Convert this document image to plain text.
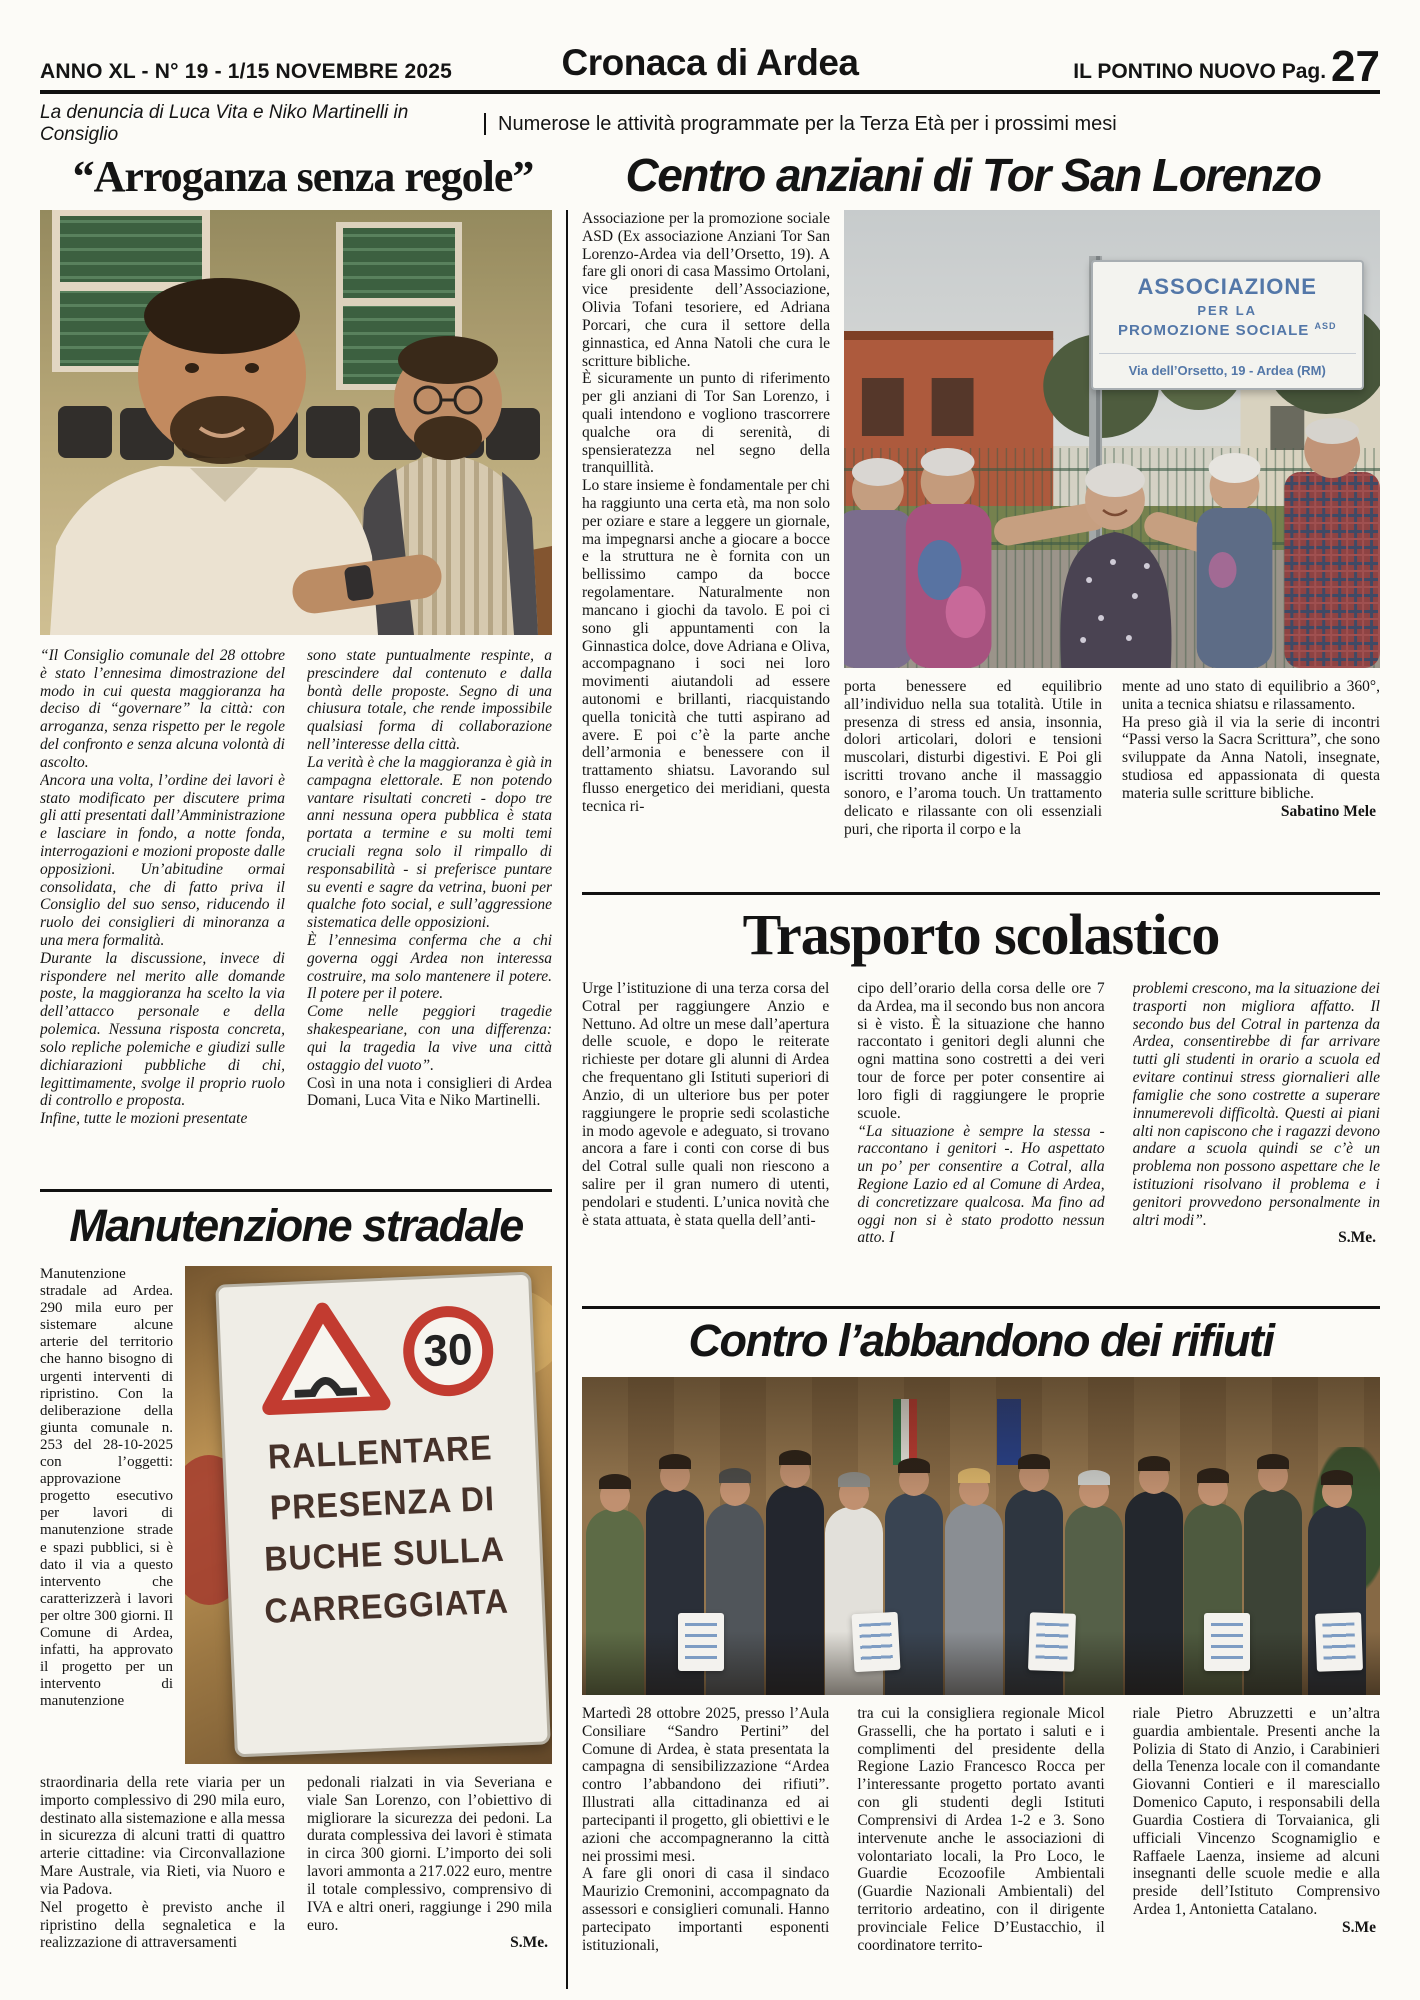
ANNO XL - N° 19 - 1/15 NOVEMBRE 2025	Cronaca di Ardea	IL PONTINO NUOVO Pag. 27
La denuncia di Luca Vita e Niko Martinelli in Consiglio	Numerose le attività programmate per la Terza Età per i prossimi mesi
“Arroganza senza regole”	Centro anziani di Tor San Lorenzo

“Il Consiglio comunale del 28 ottobre è stato l’ennesima dimostrazione del modo in cui questa maggioranza ha deciso di “governare” la città: con arroganza, senza rispetto per le regole del confronto e senza alcuna volontà di ascolto.

Ancora una volta, l’ordine dei lavori è stato modificato per discutere prima gli atti presentati dall’Amministrazione e lasciare in fondo, a notte fonda, interrogazioni e mozioni proposte dalle opposizioni. Un’abitudine ormai consolidata, che di fatto priva il Consiglio del suo senso, riducendo il ruolo dei consiglieri di minoranza a una mera formalità.

Durante la discussione, invece di rispondere nel merito alle domande poste, la maggioranza ha scelto la via dell’attacco personale e della polemica. Nessuna risposta concreta, solo repliche polemiche e giudizi sulle dichiarazioni pubbliche di chi, legittimamente, svolge il proprio ruolo di controllo e proposta.

Infine, tutte le mozioni presentate

sono state puntualmente respinte, a prescindere dal contenuto e dalla bontà delle proposte. Segno di una chiusura totale, che rende impossibile qualsiasi forma di collaborazione nell’interesse della città.

La verità è che la maggioranza è già in campagna elettorale. E non potendo vantare risultati concreti - dopo tre anni nessuna opera pubblica è stata portata a termine e su molti temi cruciali regna solo il rimpallo di responsabilità - si preferisce puntare su eventi e sagre da vetrina, buoni per qualche foto social, e sull’aggressione sistematica delle opposizioni.

È l’ennesima conferma che a chi governa oggi Ardea non interessa costruire, ma solo mantenere il potere. Il potere per il potere.

Come nelle peggiori tragedie shakespeariane, con una differenza: qui la tragedia la vive una città ostaggio del vuoto”.

Così in una nota i consiglieri di Ardea Domani, Luca Vita e Niko Martinelli.

Manutenzione stradale

Manutenzione stradale ad Ardea. 290 mila euro per sistemare alcune arterie del territorio che hanno bisogno di urgenti interventi di ripristino. Con la deliberazione della giunta comunale n. 253 del 28-10-2025 con l’oggetti: approvazione progetto esecutivo per lavori di manutenzione strade e spazi pubblici, si è dato il via a questo intervento che caratterizzerà i lavori per oltre 300 giorni. Il Comune di Ardea, infatti, ha approvato il progetto per un intervento di manutenzione

30
RALLENTARE
PRESENZA DI
BUCHE SULLA
CARREGGIATA

straordinaria della rete viaria per un importo complessivo di 290 mila euro, destinato alla sistemazione e alla messa in sicurezza di alcuni tratti di quattro arterie cittadine: via Circonvallazione Mare Australe, via Rieti, via Nuoro e via Padova.

Nel progetto è previsto anche il ripristino della segnaletica e la realizzazione di attraversamenti

pedonali rialzati in via Severiana e viale San Lorenzo, con l’obiettivo di migliorare la sicurezza dei pedoni. La durata complessiva dei lavori è stimata in circa 300 giorni. L’importo dei soli lavori ammonta a 217.022 euro, mentre il totale complessivo, comprensivo di IVA e altri oneri, raggiunge i 290 mila euro.

S.Me.

Associazione per la promozione sociale ASD (Ex associazione Anziani Tor San Lorenzo-Ardea via dell’Orsetto, 19). A fare gli onori di casa Massimo Ortolani, vice presidente dell’Associazione, Olivia Tofani tesoriere, ed Adriana Porcari, che cura il settore della ginnastica, ed Anna Natoli che cura le scritture bibliche.

È sicuramente un punto di riferimento per gli anziani di Tor San Lorenzo, i quali intendono e vogliono trascorrere qualche ora di serenità, di spensieratezza nel segno della tranquillità.

Lo stare insieme è fondamentale per chi ha raggiunto una certa età, ma non solo per oziare e stare a leggere un giornale, ma impegnarsi anche a giocare a bocce e la struttura ne è fornita con un bellissimo campo da bocce regolamentare. Naturalmente non mancano i giochi da tavolo. E poi ci sono gli appuntamenti con la Ginnastica dolce, dove Adriana e Oliva, accompagnano i soci nei loro movimenti aiutandoli ad essere autonomi e brillanti, riacquistando quella tonicità che tutti aspirano ad avere. E poi c’è la parte anche dell’armonia e benessere con il trattamento shiatsu. Lavorando sul flusso energetico dei meridiani, questa tecnica ri-

ASSOCIAZIONE
PER LA
PROMOZIONE SOCIALE $^{ASD}$
Via dell’Orsetto, 19 - Ardea (RM)

porta benessere ed equilibrio all’individuo nella sua totalità. Utile in presenza di stress ed ansia, insonnia, dolori articolari, dolori e tensioni muscolari, disturbi digestivi. E Poi gli iscritti trovano anche il massaggio sonoro, e l’aroma touch. Un trattamento delicato e rilassante con oli essenziali puri, che riporta il corpo e la

mente ad uno stato di equilibrio a 360°, unita a tecnica shiatsu e rilassamento.

Ha preso già il via la serie di incontri “Passi verso la Sacra Scrittura”, che sono sviluppate da Anna Natoli, insegnate, studiosa ed appassionata di questa materia sulle scritture bibliche.

Sabatino Mele

Trasporto scolastico

Urge l’istituzione di una terza corsa del Cotral per raggiungere Anzio e Nettuno. Ad oltre un mese dall’apertura delle scuole, e dopo le reiterate richieste per dotare gli alunni di Ardea che frequentano gli Istituti superiori di Anzio, di un ulteriore bus per poter raggiungere le proprie sedi scolastiche in modo agevole e adeguato, si trovano ancora a fare i conti con corse di bus del Cotral sulle quali non riescono a salire per il gran numero di utenti, pendolari e studenti. L’unica novità che è stata attuata, è stata quella dell’anti-

cipo dell’orario della corsa delle ore 7 da Ardea, ma il secondo bus non ancora si è visto. È la situazione che hanno raccontato i genitori degli alunni che ogni mattina sono costretti a dei veri tour de force per poter consentire ai loro figli di raggiungere le proprie scuole.

“La situazione è sempre la stessa - raccontano i genitori -. Ho aspettato un po’ per consentire a Cotral, alla Regione Lazio ed al Comune di Ardea, di concretizzare qualcosa. Ma fino ad oggi non si è stato prodotto nessun atto. I

problemi crescono, ma la situazione dei trasporti non migliora affatto. Il secondo bus del Cotral in partenza da Ardea, consentirebbe di far arrivare tutti gli studenti in orario a scuola ed evitare continui stress giornalieri alle famiglie che sono costrette a superare innumerevoli difficoltà. Questi ai piani alti non capiscono che i ragazzi devono andare a scuola quindi se c’è un problema non possono aspettare che le istituzioni risolvano il problema e i genitori provvedono personalmente in altri modi”.

S.Me.

Contro l’abbandono dei rifiuti

Martedì 28 ottobre 2025, presso l’Aula Consiliare “Sandro Pertini” del Comune di Ardea, è stata presentata la campagna di sensibilizzazione “Ardea contro l’abbandono dei rifiuti”. Illustrati alla cittadinanza ed ai partecipanti il progetto, gli obiettivi e le azioni che accompagneranno la città nei prossimi mesi.

A fare gli onori di casa il sindaco Maurizio Cremonini, accompagnato da assessori e consiglieri comunali. Hanno partecipato importanti esponenti istituzionali,

tra cui la consigliera regionale Micol Grasselli, che ha portato i saluti e i complimenti del presidente della Regione Lazio Francesco Rocca per l’interessante progetto portato avanti con gli studenti degli Istituti Comprensivi di Ardea 1-2 e 3. Sono intervenute anche le associazioni di volontariato locali, la Pro Loco, le Guardie Ecozoofile Ambientali (Guardie Nazionali Ambientali) del territorio ardeatino, con il dirigente provinciale Felice D’Eustacchio, il coordinatore territo-

riale Pietro Abruzzetti e un’altra guardia ambientale. Presenti anche la Polizia di Stato di Anzio, i Carabinieri della Tenenza locale con il comandante Giovanni Contieri e il maresciallo Domenico Caputo, i responsabili della Guardia Costiera di Torvaianica, gli ufficiali Vincenzo Scognamiglio e Raffaele Laenza, insieme ad alcuni insegnanti delle scuole medie e alla preside dell’Istituto Comprensivo Ardea 1, Antonietta Catalano.

S.Me
